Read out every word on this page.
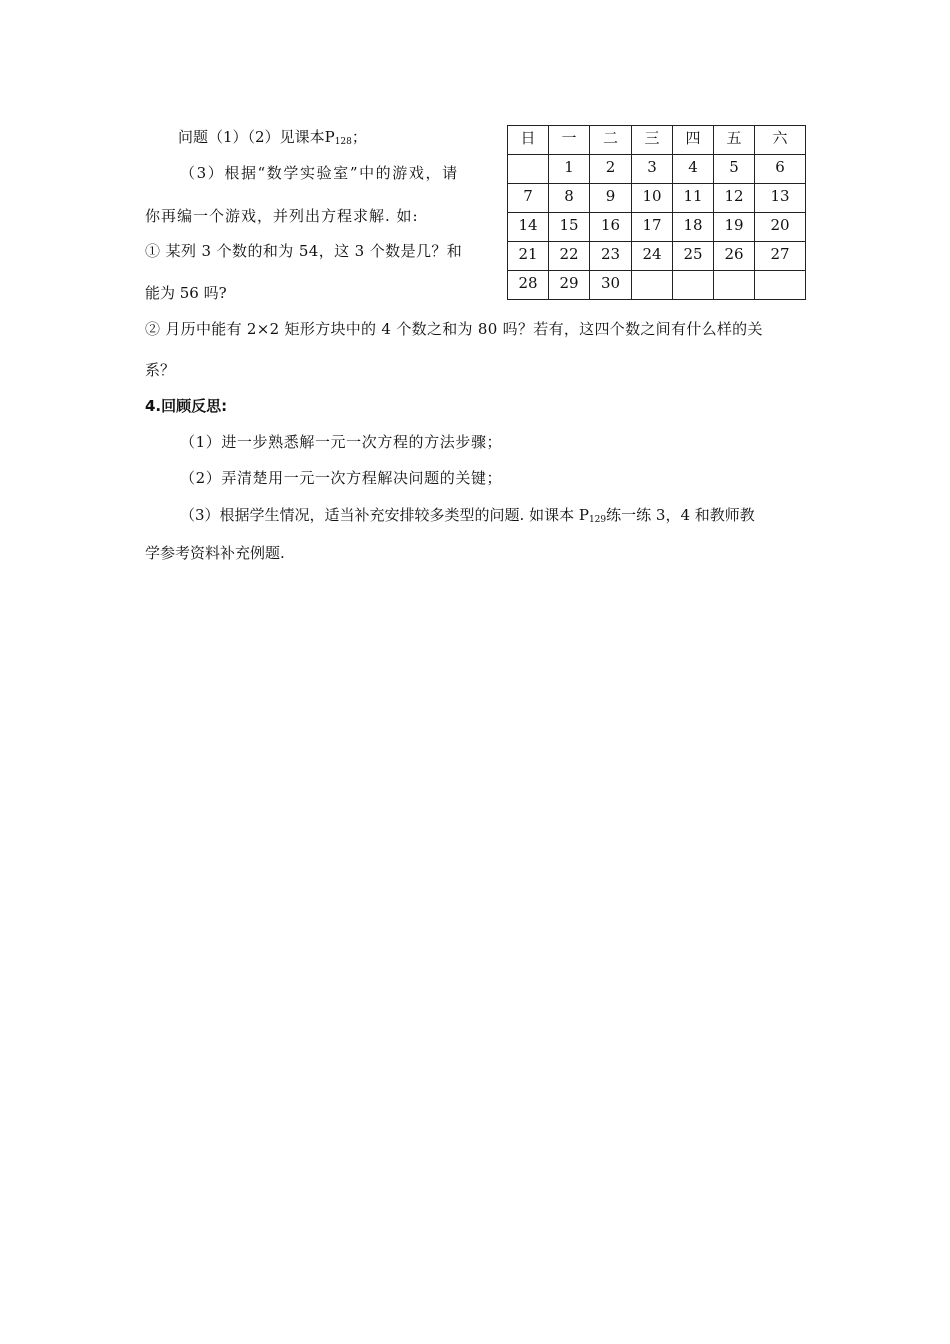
问题（1）（2）见课本$P_{128}$；
（3）根据“数学实验室”中的游戏，请
你再编一个游戏，并列出方程求解. 如:
① 某列 3 个数的和为 54，这 3 个数是几？和
能为 56 吗?
② 月历中能有 2×2 矩形方块中的 4 个数之和为 80 吗？若有，这四个数之间有什么样的关
系？
4.回顾反思:
（1）进一步熟悉解一元一次方程的方法步骤；
（2）弄清楚用一元一次方程解决问题的关键；
（3）根据学生情况，适当补充安排较多类型的问题. 如课本 $P_{129}$练一练 3，4 和教师教
学参考资料补充例题.
日	一	二	三	四	五	六
	1	2	3	4	5	6
7	8	9	10	11	12	13
14	15	16	17	18	19	20
21	22	23	24	25	26	27
28	29	30				
